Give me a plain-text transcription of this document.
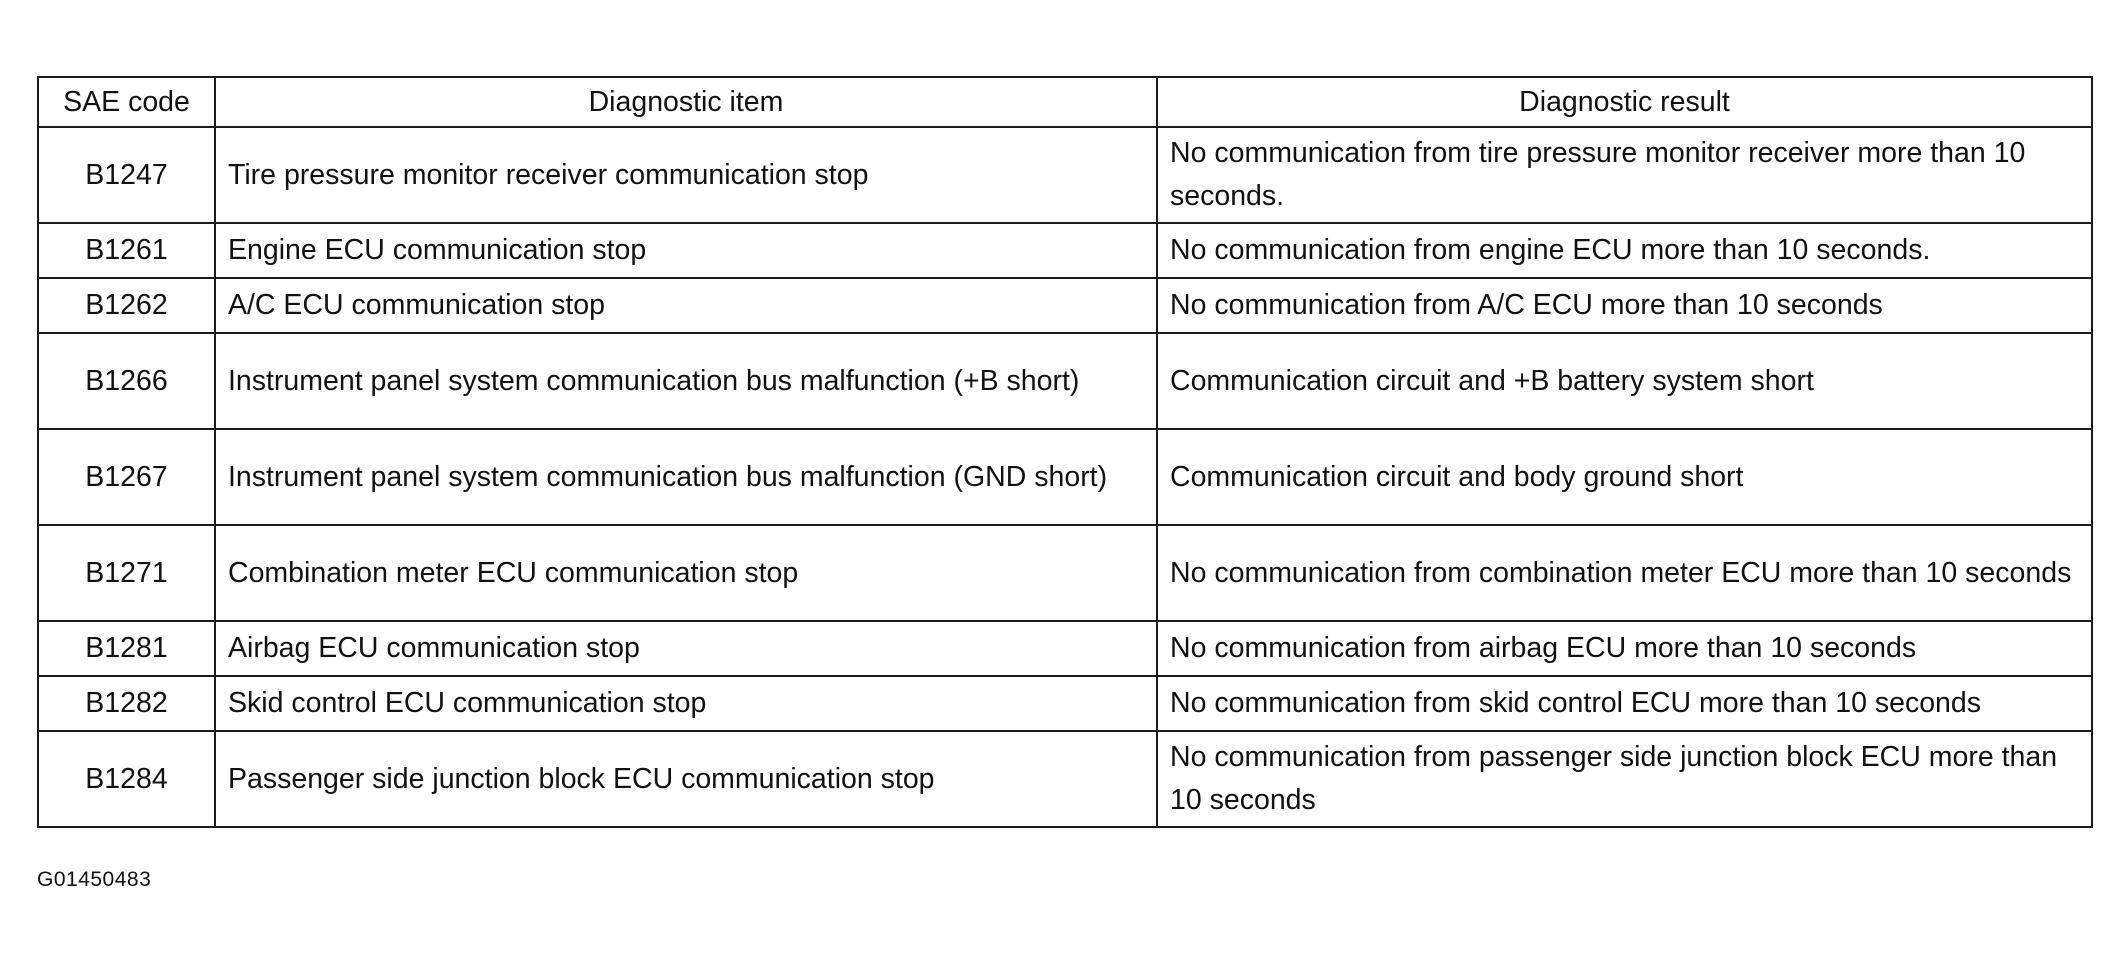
SAE code	Diagnostic item	Diagnostic result
B1247	Tire pressure monitor receiver communication stop	No communication from tire pressure monitor receiver more than 10 seconds.
B1261	Engine ECU communication stop	No communication from engine ECU more than 10 seconds.
B1262	A/C ECU communication stop	No communication from A/C ECU more than 10 seconds
B1266	Instrument panel system communication bus malfunction (+B short)	Communication circuit and +B battery system short
B1267	Instrument panel system communication bus malfunction (GND short)	Communication circuit and body ground short
B1271	Combination meter ECU communication stop	No communication from combination meter ECU more than 10 seconds
B1281	Airbag ECU communication stop	No communication from airbag ECU more than 10 seconds
B1282	Skid control ECU communication stop	No communication from skid control ECU more than 10 seconds
B1284	Passenger side junction block ECU communication stop	No communication from passenger side junction block ECU more than 10 seconds
G01450483
